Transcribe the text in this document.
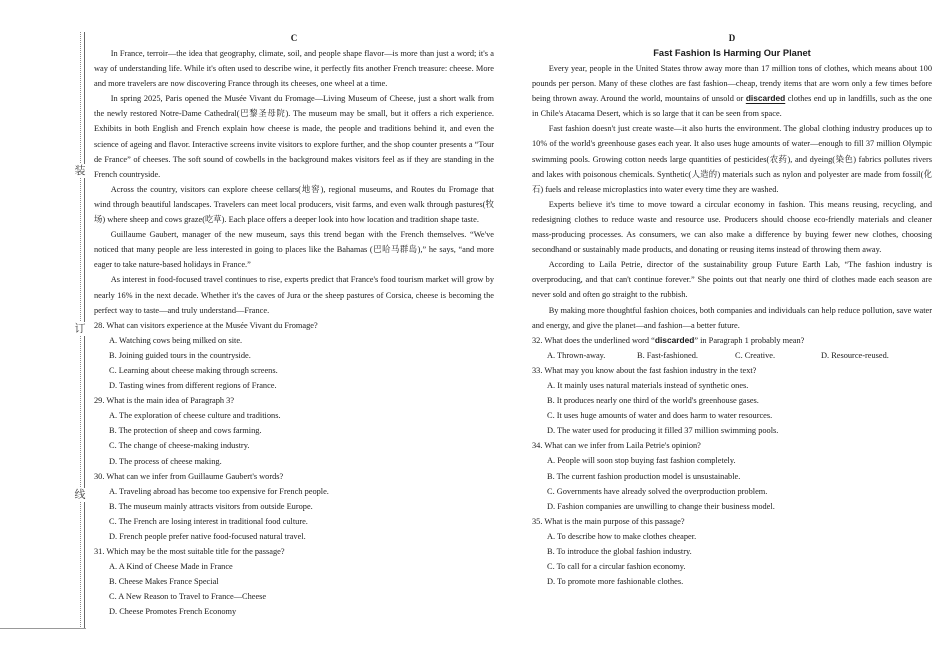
装
订
线
C

In France, terroir—the idea that geography, climate, soil, and people shape flavor—is more than just a word; it's a way of understanding life. While it's often used to describe wine, it perfectly fits another French treasure: cheese. More and more travelers are now discovering France through its cheeses, one wheel at a time.

In spring 2025, Paris opened the Musée Vivant du Fromage—Living Museum of Cheese, just a short walk from the newly restored Notre-Dame Cathedral(巴黎圣母院). The museum may be small, but it offers a rich experience. Exhibits in both English and French explain how cheese is made, the people and traditions behind it, and even the science of ageing and flavor. Interactive screens invite visitors to explore further, and the shop counter presents a “Tour de France” of cheeses. The soft sound of cowbells in the background makes visitors feel as if they are standing in the French countryside.

Across the country, visitors can explore cheese cellars(地窖), regional museums, and Routes du Fromage that wind through beautiful landscapes. Travelers can meet local producers, visit farms, and even walk through pastures(牧场) where sheep and cows graze(吃草). Each place offers a deeper look into how location and tradition shape taste.

Guillaume Gaubert, manager of the new museum, says this trend began with the French themselves. “We've noticed that many people are less interested in going to places like the Bahamas (巴哈马群岛),” he says, “and more eager to take nature-based holidays in France.”

As interest in food-focused travel continues to rise, experts predict that France's food tourism market will grow by nearly 16% in the next decade. Whether it's the caves of Jura or the sheep pastures of Corsica, cheese is becoming the perfect way to taste—and truly understand—France.

28. What can visitors experience at the Musée Vivant du Fromage?

A. Watching cows being milked on site.

B. Joining guided tours in the countryside.

C. Learning about cheese making through screens.

D. Tasting wines from different regions of France.

29. What is the main idea of Paragraph 3?

A. The exploration of cheese culture and traditions.

B. The protection of sheep and cows farming.

C. The change of cheese-making industry.

D. The process of cheese making.

30. What can we infer from Guillaume Gaubert's words?

A. Traveling abroad has become too expensive for French people.

B. The museum mainly attracts visitors from outside Europe.

C. The French are losing interest in traditional food culture.

D. French people prefer native food-focused natural travel.

31. Which may be the most suitable title for the passage?

A. A Kind of Cheese Made in France

B. Cheese Makes France Special

C. A New Reason to Travel to France—Cheese

D. Cheese Promotes French Economy

D
Fast Fashion Is Harming Our Planet

Every year, people in the United States throw away more than 17 million tons of clothes, which means about 100 pounds per person. Many of these clothes are fast fashion—cheap, trendy items that are worn only a few times before being thrown away. Around the world, mountains of unsold or discarded clothes end up in landfills, such as the one in Chile's Atacama Desert, which is so large that it can be seen from space.

Fast fashion doesn't just create waste—it also hurts the environment. The global clothing industry produces up to 10% of the world's greenhouse gases each year. It also uses huge amounts of water—enough to fill 37 million Olympic swimming pools. Growing cotton needs large quantities of pesticides(农药), and dyeing(染色) fabrics pollutes rivers and lakes with poisonous chemicals. Synthetic(人造的) materials such as nylon and polyester are made from fossil(化石) fuels and release microplastics into water every time they are washed.

Experts believe it's time to move toward a circular economy in fashion. This means reusing, recycling, and redesigning clothes to reduce waste and resource use. Producers should choose eco-friendly materials and cleaner mass-producing processes. As consumers, we can also make a difference by buying fewer new clothes, choosing secondhand or sustainably made products, and donating or reusing items instead of throwing them away.

According to Laila Petrie, director of the sustainability group Future Earth Lab, “The fashion industry is overproducing, and that can't continue forever.” She points out that nearly one third of clothes made each season are never sold and often go straight to the rubbish.

By making more thoughtful fashion choices, both companies and individuals can help reduce pollution, save water and energy, and give the planet—and fashion—a better future.

32. What does the underlined word “discarded” in Paragraph 1 probably mean?

A. Thrown-away.	B. Fast-fashioned.	C. Creative.	D. Resource-reused.

33. What may you know about the fast fashion industry in the text?

A. It mainly uses natural materials instead of synthetic ones.

B. It produces nearly one third of the world's greenhouse gases.

C. It uses huge amounts of water and does harm to water resources.

D. The water used for producing it filled 37 million swimming pools.

34. What can we infer from Laila Petrie's opinion?

A. People will soon stop buying fast fashion completely.

B. The current fashion production model is unsustainable.

C. Governments have already solved the overproduction problem.

D. Fashion companies are unwilling to change their business model.

35. What is the main purpose of this passage?

A. To describe how to make clothes cheaper.

B. To introduce the global fashion industry.

C. To call for a circular fashion economy.

D. To promote more fashionable clothes.
